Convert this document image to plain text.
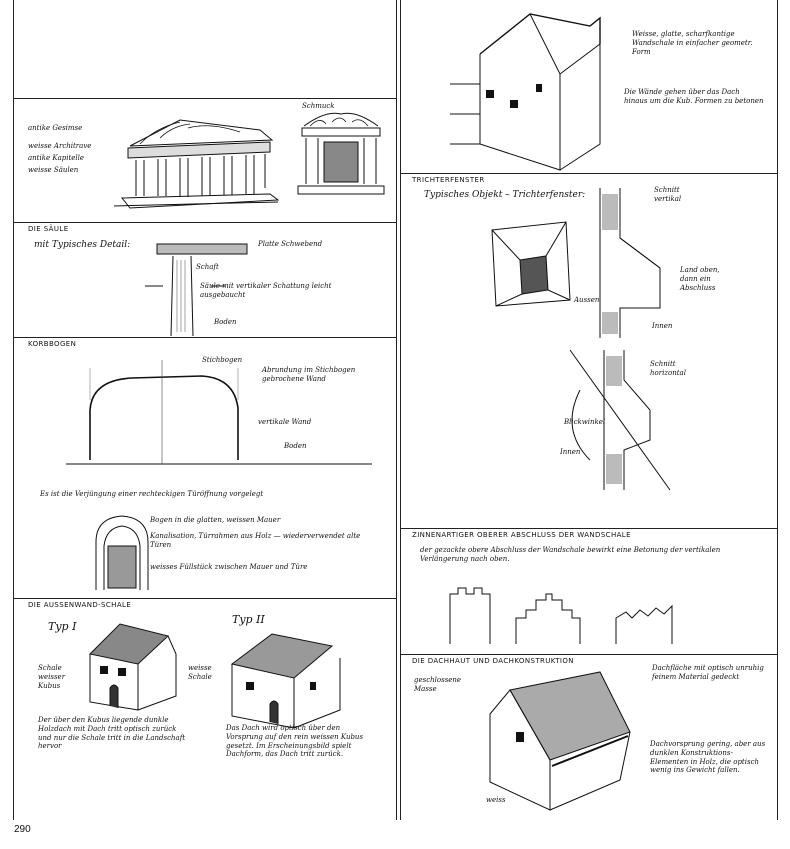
antike Gesimse
weisse Architrave
antike Kapitelle
weisse Säulen
Schmuck
DIE SÄULE
mit Typisches Detail:	Platte Schwebend
Schaft
Säule mit vertikaler Schattung leicht ausgebaucht
Boden
KORBBOGEN
Stichbogen
Abrundung im Stichbogen gebrochene Wand
vertikale Wand
Boden
Es ist die Verjüngung einer rechteckigen Türöffnung vorgelegt
Bogen in die glatten, weissen Mauer
Kanalisation, Türrahmen aus Holz — wiederverwendet alte Türen
weisses Füllstück zwischen Mauer und Türe
DIE AUSSENWAND-SCHALE
Typ I
Typ II
Schale weisser Kubus
weisse Schale
Der über den Kubus liegende dunkle Holzdach mit Dach tritt optisch zurück und nur die Schale tritt in die Landschaft hervor
Das Dach wird optisch über den Vorsprung auf den rein weissen Kubus gesetzt. Im Erscheinungsbild spielt Dachform, das Dach tritt zurück.
Weisse, glatte, scharfkantige Wandschale in einfacher geometr. Form
Die Wände gehen über das Dach hinaus um die Kub. Formen zu betonen
TRICHTERFENSTER
Typisches Objekt – Trichterfenster:	Schnitt vertikal
Land oben, dann ein Abschluss
Innen
Aussen
Schnitt horizontal
Blickwinkel
Innen
ZINNENARTIGER OBERER ABSCHLUSS DER WANDSCHALE
der gezackte obere Abschluss der Wandschale bewirkt eine Betonung der vertikalen Verlängerung nach oben.
DIE DACHHAUT UND DACHKONSTRUKTION
Dachfläche mit optisch unruhig feinem Material gedeckt
geschlossene Masse
Dachvorsprung gering, aber aus dunklen Konstruktions-Elementen in Holz, die optisch wenig ins Gewicht fallen.
weiss
290
